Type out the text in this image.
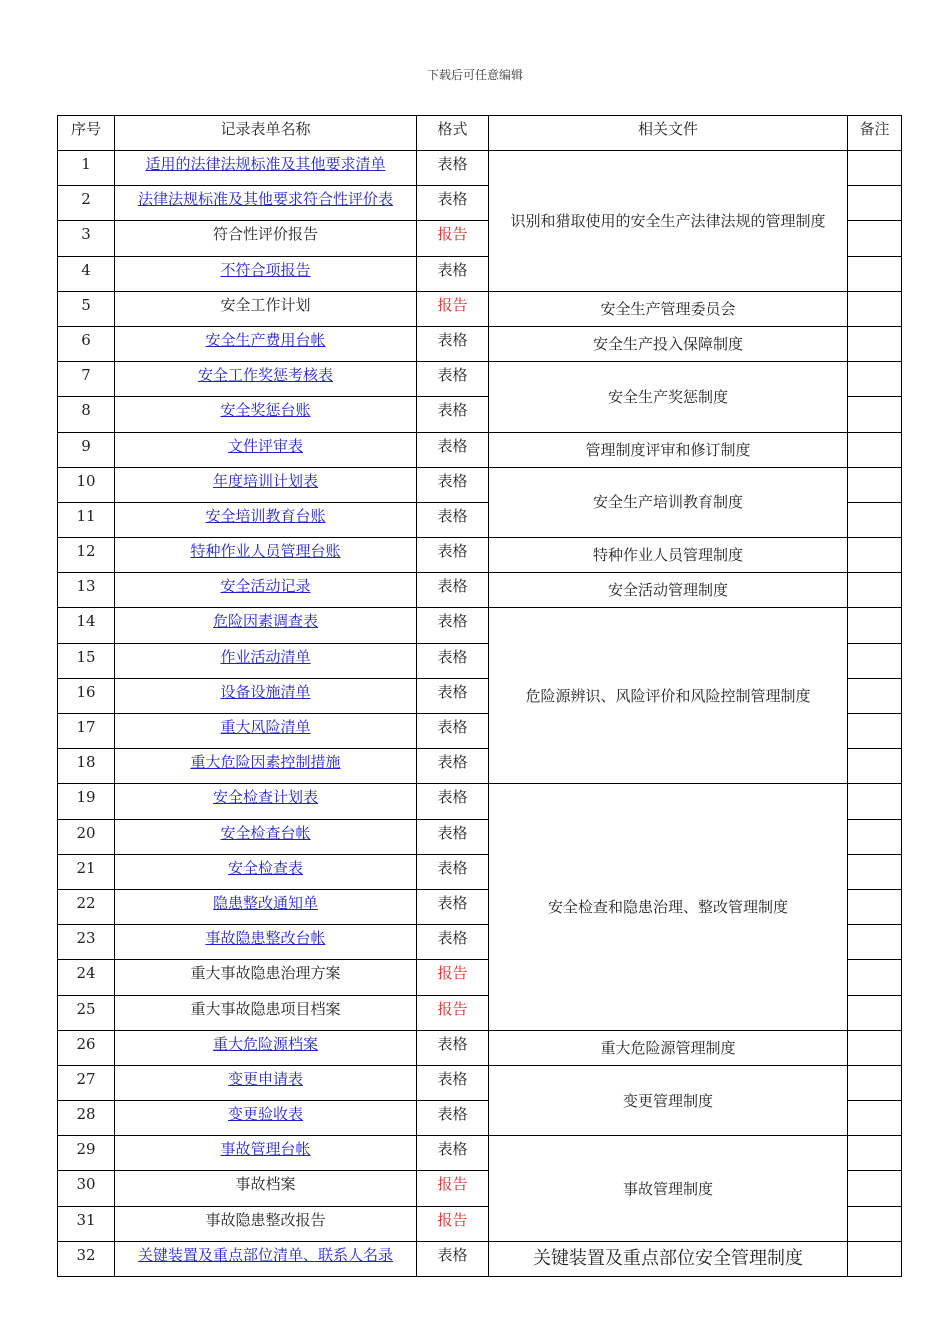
下载后可任意编辑
序号	记录表单名称	格式	相关文件	备注
1	适用的法律法规标准及其他要求清单	表格	识别和猎取使用的安全生产法律法规的管理制度	
2	法律法规标准及其他要求符合性评价表	表格		
3	符合性评价报告	报告		
4	不符合项报告	表格		
5	安全工作计划	报告	安全生产管理委员会	
6	安全生产费用台帐	表格	安全生产投入保障制度	
7	安全工作奖惩考核表	表格	安全生产奖惩制度	
8	安全奖惩台账	表格		
9	文件评审表	表格	管理制度评审和修订制度	
10	年度培训计划表	表格	安全生产培训教育制度	
11	安全培训教育台账	表格		
12	特种作业人员管理台账	表格	特种作业人员管理制度	
13	安全活动记录	表格	安全活动管理制度	
14	危险因素调查表	表格	危险源辨识、风险评价和风险控制管理制度	
15	作业活动清单	表格		
16	设备设施清单	表格		
17	重大风险清单	表格		
18	重大危险因素控制措施	表格		
19	安全检查计划表	表格	安全检查和隐患治理、整改管理制度	
20	安全检查台帐	表格		
21	安全检查表	表格		
22	隐患整改通知单	表格		
23	事故隐患整改台帐	表格		
24	重大事故隐患治理方案	报告		
25	重大事故隐患项目档案	报告		
26	重大危险源档案	表格	重大危险源管理制度	
27	变更申请表	表格	变更管理制度	
28	变更验收表	表格		
29	事故管理台帐	表格	事故管理制度	
30	事故档案	报告		
31	事故隐患整改报告	报告		
32	关键装置及重点部位清单、联系人名录	表格	关键装置及重点部位安全管理制度	
